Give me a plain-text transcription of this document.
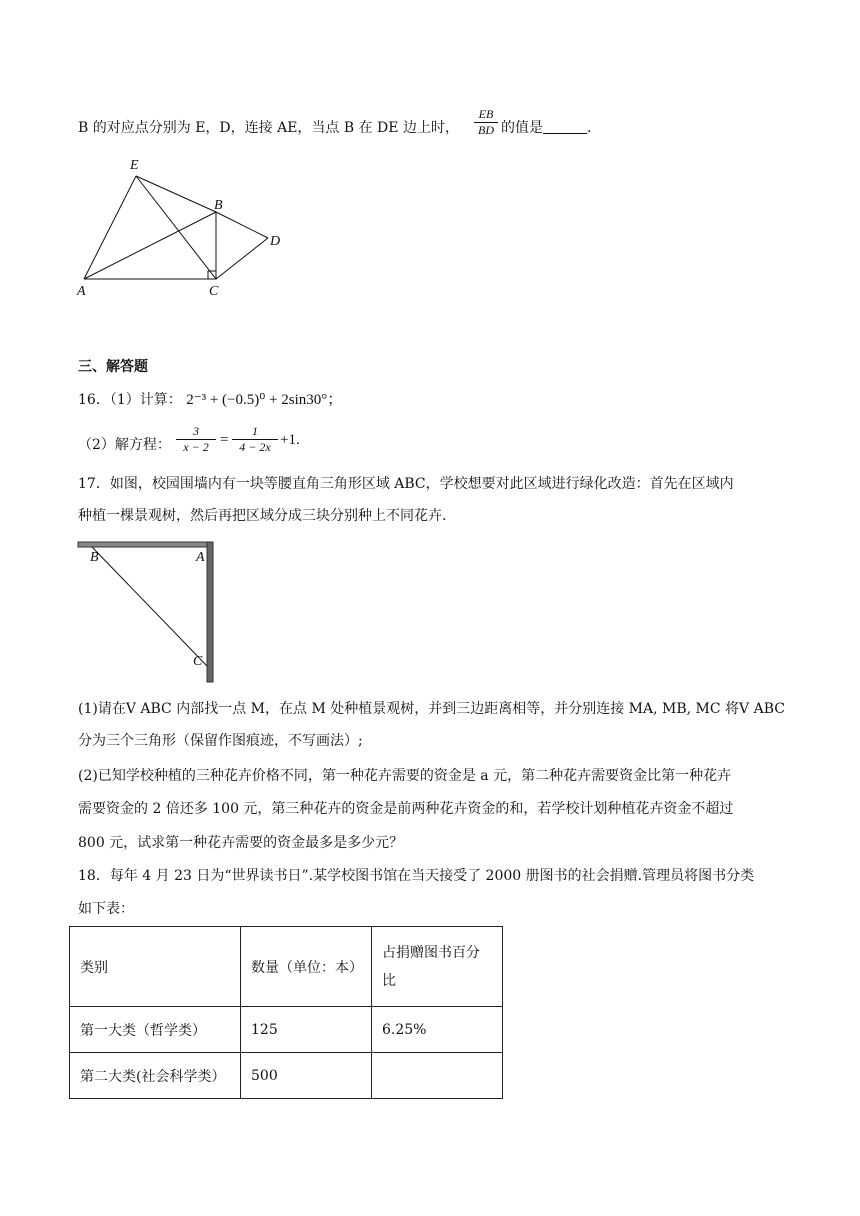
B 的对应点分别为 E，D，连接 AE，当点 B 在 DE 边上时， $\frac{EB}{BD}$ 的值是	.
E
B
D
A	C
三、解答题
16．（1）计算： 2⁻³ + (−0.5)⁰ + 2sin30°；
（2）解方程： $\frac{3}{x - 2} = \frac{1}{4 - 2x} +1$.
17．如图，校园围墙内有一块等腰直角三角形区域 ABC，学校想要对此区域进行绿化改造：首先在区域内
种植一棵景观树，然后再把区域分成三块分别种上不同花卉.
B	A
C
(1)请在V ABC 内部找一点 M，在点 M 处种植景观树，并到三边距离相等，并分别连接 MA, MB, MC 将V ABC
分为三个三角形（保留作图痕迹，不写画法）;
(2)已知学校种植的三种花卉价格不同，第一种花卉需要的资金是 a 元，第二种花卉需要资金比第一种花卉
需要资金的 2 倍还多 100 元，第三种花卉的资金是前两种花卉资金的和，若学校计划种植花卉资金不超过
800 元，试求第一种花卉需要的资金最多是多少元？
18．每年 4 月 23 日为“世界读书日”.某学校图书馆在当天接受了 2000 册图书的社会捐赠.管理员将图书分类
如下表：
类别	数量（单位：本）	占捐赠图书百分
比
第一大类（哲学类）	125	6.25%
第二大类(社会科学类）	500	
